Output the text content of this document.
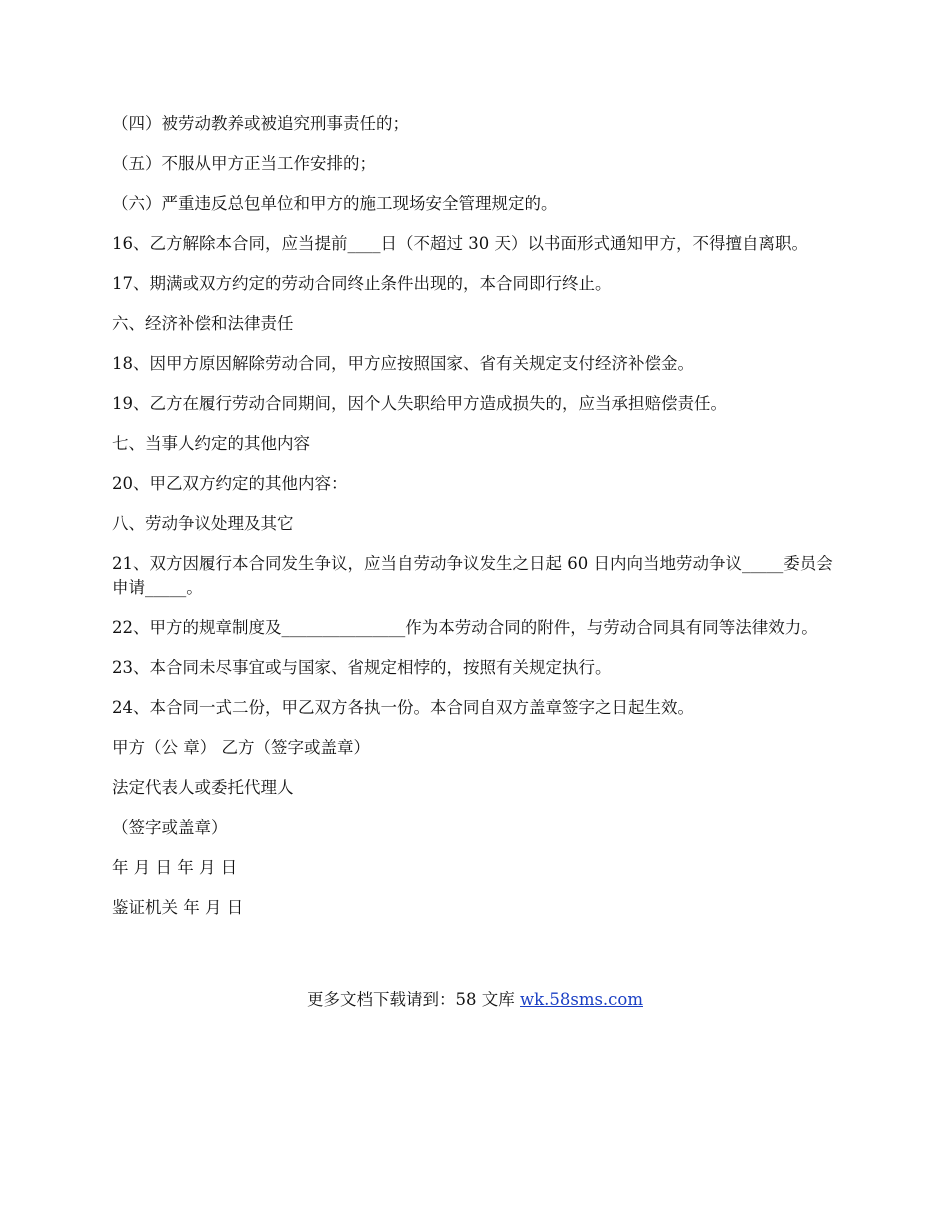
（四）被劳动教养或被追究刑事责任的；

（五）不服从甲方正当工作安排的；

（六）严重违反总包单位和甲方的施工现场安全管理规定的。

16、乙方解除本合同，应当提前____日（不超过 30 天）以书面形式通知甲方，不得擅自离职。

17、期满或双方约定的劳动合同终止条件出现的，本合同即行终止。

六、经济补偿和法律责任

18、因甲方原因解除劳动合同，甲方应按照国家、省有关规定支付经济补偿金。

19、乙方在履行劳动合同期间，因个人失职给甲方造成损失的，应当承担赔偿责任。

七、当事人约定的其他内容

20、甲乙双方约定的其他内容：

八、劳动争议处理及其它

21、双方因履行本合同发生争议，应当自劳动争议发生之日起 60 日内向当地劳动争议_____委员会申请_____。

22、甲方的规章制度及_______________作为本劳动合同的附件，与劳动合同具有同等法律效力。

23、本合同未尽事宜或与国家、省规定相悖的，按照有关规定执行。

24、本合同一式二份，甲乙双方各执一份。本合同自双方盖章签字之日起生效。

甲方（公 章） 乙方（签字或盖章）

法定代表人或委托代理人

（签字或盖章）

年 月 日 年 月 日

鉴证机关 年 月 日

更多文档下载请到：58 文库 wk.58sms.com
